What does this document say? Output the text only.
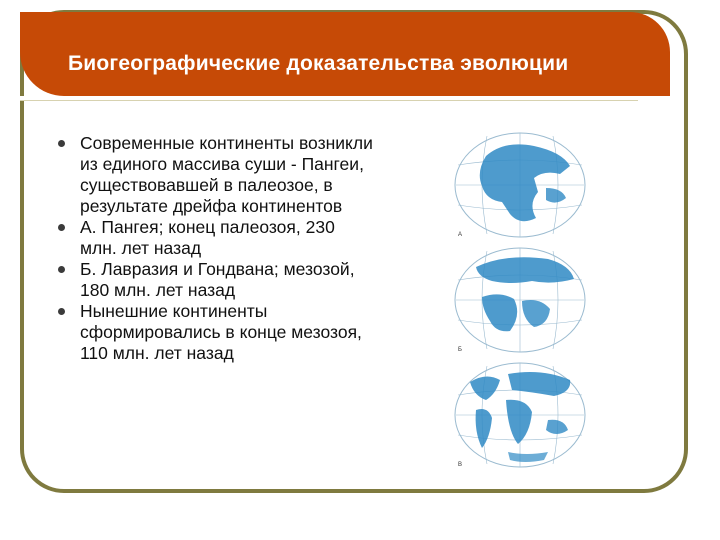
Биогеографические доказательства эволюции
Современные континенты возникли из единого массива суши - Пангеи, существовавшей в палеозое, в результате дрейфа континентов
А. Пангея; конец палеозоя, 230 млн. лет назад
Б. Лавразия и Гондвана; мезозой, 180 млн. лет назад
Нынешние континенты сформировались в конце мезозоя, 110 млн. лет назад
А
Б
В
